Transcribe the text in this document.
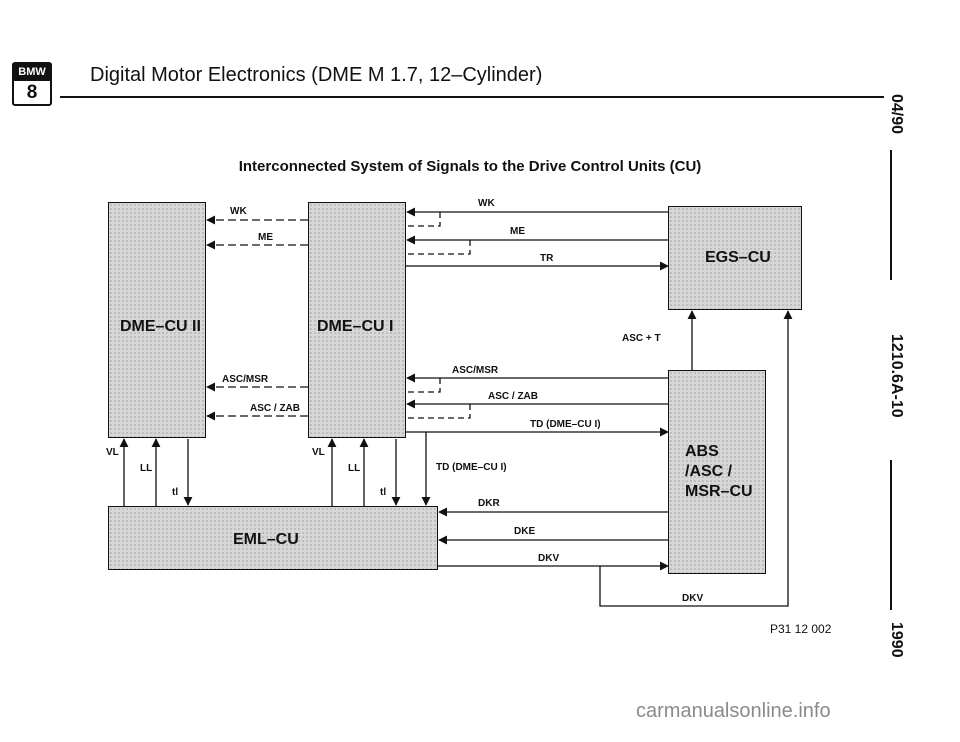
BMW
8
Digital Motor Electronics (DME M 1.7, 12–Cylinder)
04/90
1210.6A-10
1990
Interconnected System of Signals to the Drive Control Units (CU)
DME–CU II	DME–CU I
EGS–CU
ABS
/ASC /
MSR–CU
EML–CU
WK
ME
ASC/MSR
ASC / ZAB
WK
ME
TR
ASC + T
ASC/MSR
ASC / ZAB
TD (DME–CU I)
TD (DME–CU I)
DKR
DKE
DKV
DKV
VL
LL
tl
VL
LL
tl
P31 12 002
carmanualsonline.info
